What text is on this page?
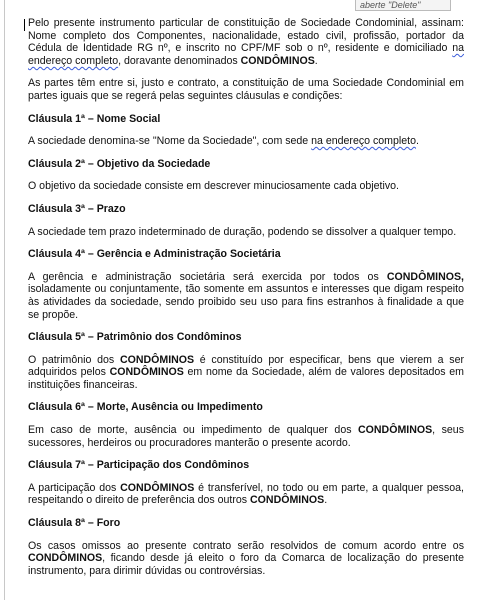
aberte "Delete"

Pelo presente instrumento particular de constituição de Sociedade Condominial, assinam: Nome completo dos Componentes, nacionalidade, estado civil, profissão, portador da Cédula de Identidade RG nº, e inscrito no CPF/MF sob o nº, residente e domiciliado na endereço completo, doravante denominados CONDÔMINOS.

As partes têm entre si, justo e contrato, a constituição de uma Sociedade Condominial em partes iguais que se regerá pelas seguintes cláusulas e condições:

Cláusula 1ª – Nome Social

A sociedade denomina-se "Nome da Sociedade", com sede na endereço completo.

Cláusula 2ª – Objetivo da Sociedade

O objetivo da sociedade consiste em descrever minuciosamente cada objetivo.

Cláusula 3ª – Prazo

A sociedade tem prazo indeterminado de duração, podendo se dissolver a qualquer tempo.

Cláusula 4ª – Gerência e Administração Societária

A gerência e administração societária será exercida por todos os CONDÔMINOS, isoladamente ou conjuntamente, tão somente em assuntos e interesses que digam respeito às atividades da sociedade, sendo proibido seu uso para fins estranhos à finalidade a que se propõe.

Cláusula 5ª – Patrimônio dos Condôminos

O patrimônio dos CONDÔMINOS é constituído por especificar, bens que vierem a ser adquiridos pelos CONDÔMINOS em nome da Sociedade, além de valores depositados em instituições financeiras.

Cláusula 6ª – Morte, Ausência ou Impedimento

Em caso de morte, ausência ou impedimento de qualquer dos CONDÔMINOS, seus sucessores, herdeiros ou procuradores manterão o presente acordo.

Cláusula 7ª – Participação dos Condôminos

A participação dos CONDÔMINOS é transferível, no todo ou em parte, a qualquer pessoa, respeitando o direito de preferência dos outros CONDÔMINOS.

Cláusula 8ª – Foro

Os casos omissos ao presente contrato serão resolvidos de comum acordo entre os CONDÔMINOS, ficando desde já eleito o foro da Comarca de localização do presente instrumento, para dirimir dúvidas ou controvérsias.
